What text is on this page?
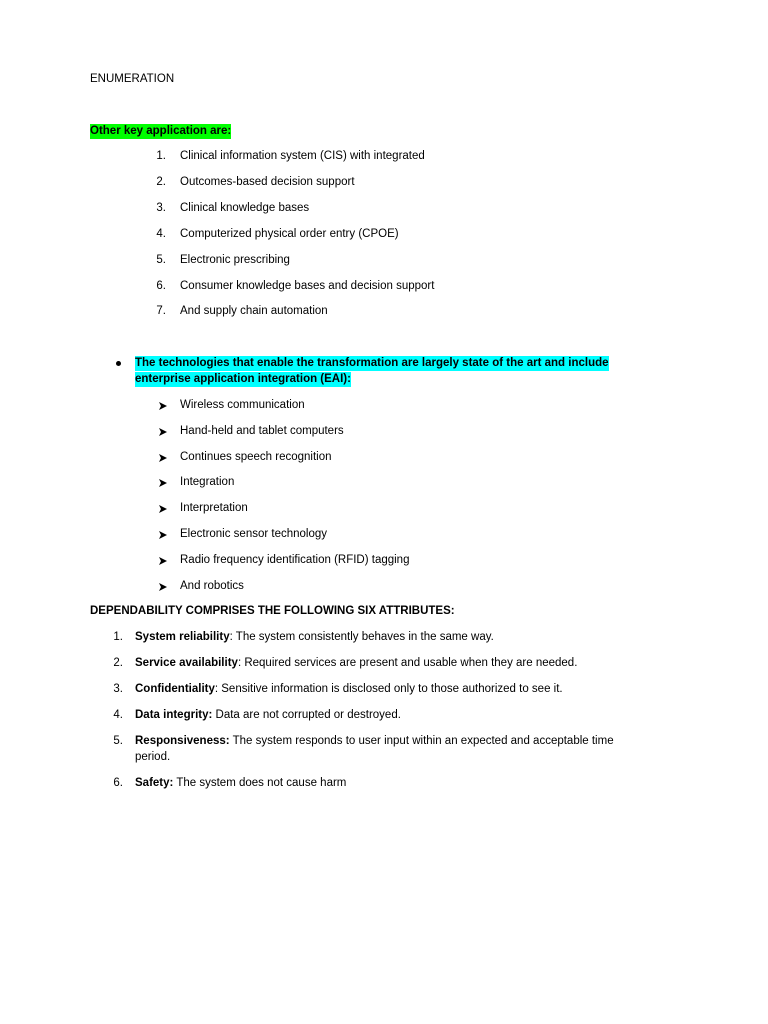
ENUMERATION
Other key application are:
1. Clinical information system (CIS) with integrated
2. Outcomes-based decision support
3. Clinical knowledge bases
4. Computerized physical order entry (CPOE)
5. Electronic prescribing
6. Consumer knowledge bases and decision support
7. And supply chain automation
The technologies that enable the transformation are largely state of the art and include
enterprise application integration (EAI):
Wireless communication
Hand-held and tablet computers
Continues speech recognition
Integration
Interpretation
Electronic sensor technology
Radio frequency identification (RFID) tagging
And robotics
DEPENDABILITY COMPRISES THE FOLLOWING SIX ATTRIBUTES:
1. System reliability: The system consistently behaves in the same way.
2. Service availability: Required services are present and usable when they are needed.
3. Confidentiality: Sensitive information is disclosed only to those authorized to see it.
4. Data integrity: Data are not corrupted or destroyed.
5. Responsiveness: The system responds to user input within an expected and acceptable time
period.
6. Safety: The system does not cause harm
